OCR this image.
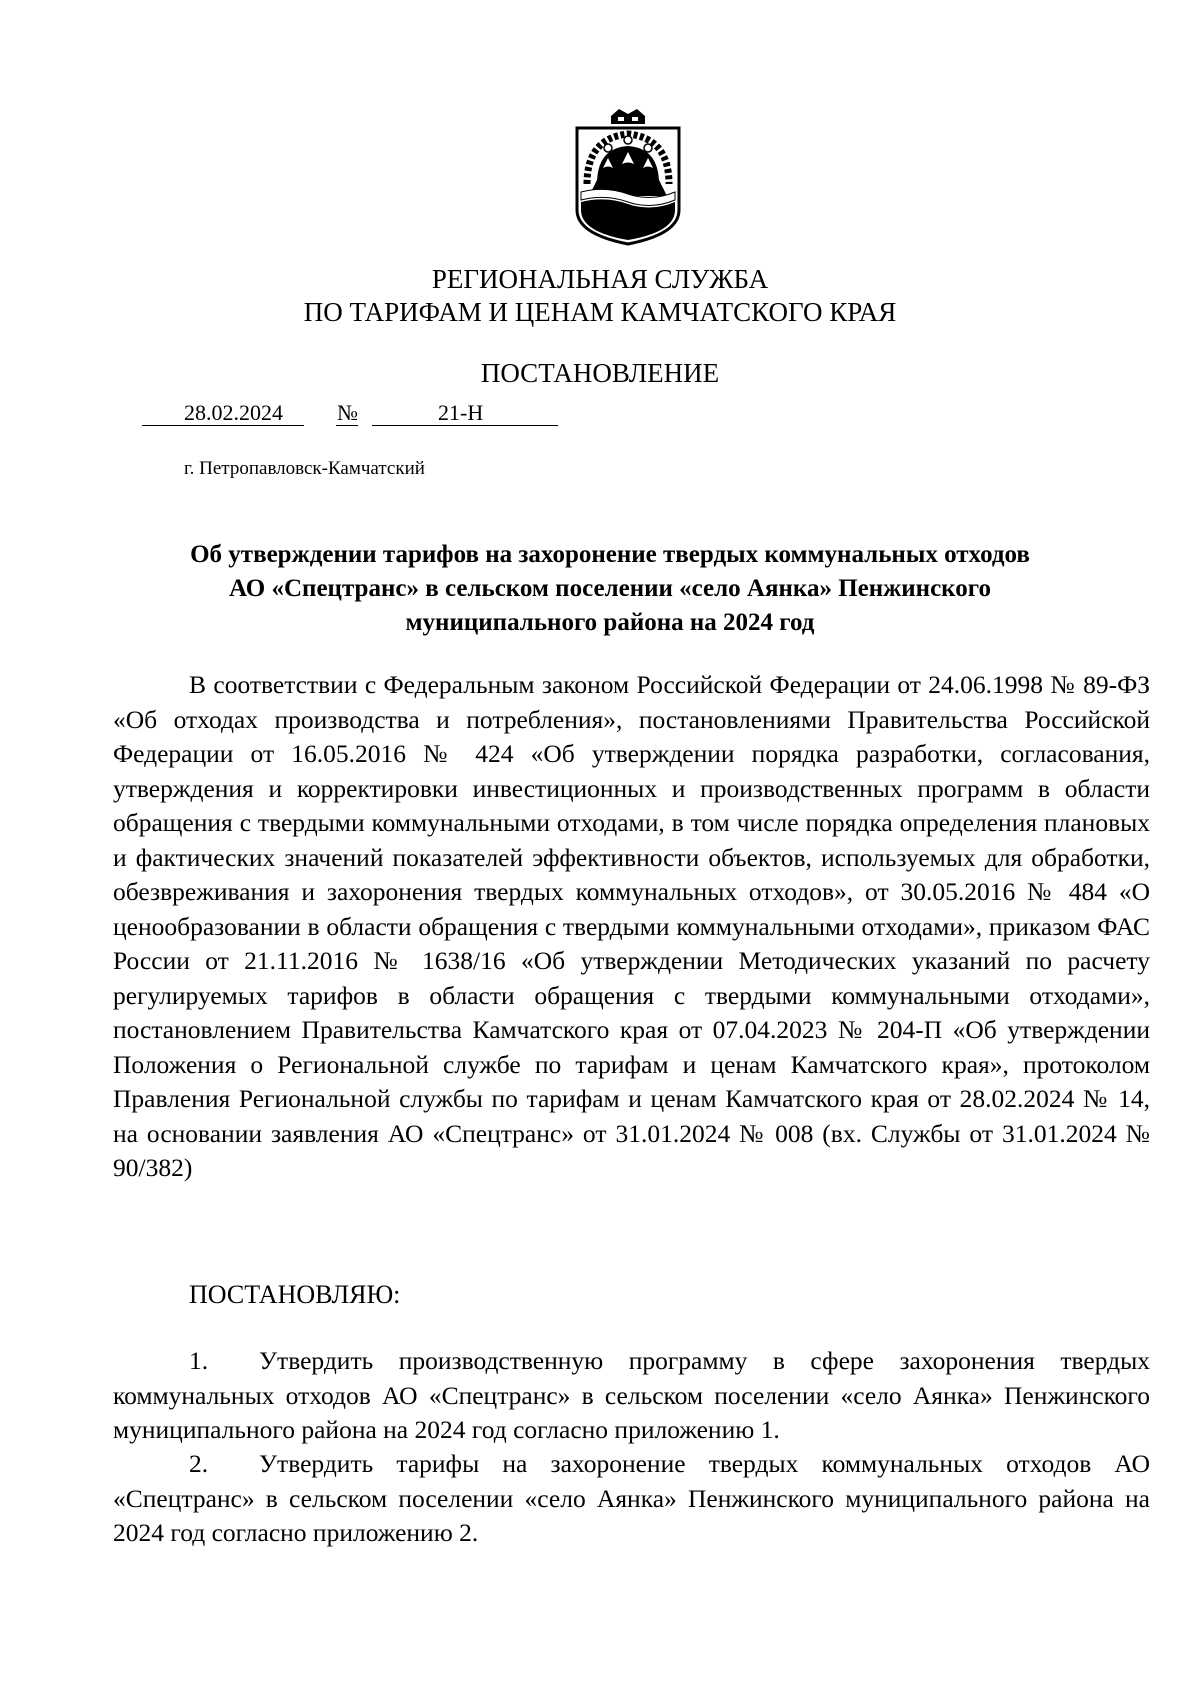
РЕГИОНАЛЬНАЯ СЛУЖБА
ПО ТАРИФАМ И ЦЕНАМ КАМЧАТСКОГО КРАЯ
ПОСТАНОВЛЕНИЕ
28.02.2024 №	21-Н
г. Петропавловск-Камчатский
Об утверждении тарифов на захоронение твердых коммунальных отходов
АО «Спецтранс» в сельском поселении «село Аянка» Пенжинского
муниципального района на 2024 год
В соответствии с Федеральным законом Российской Федерации от 24.06.1998 № 89-ФЗ «Об отходах производства и потребления», постановлениями Правительства Российской Федерации от 16.05.2016 № 424 «Об утверждении порядка разработки, согласования, утверждения и корректировки инвестиционных и производственных программ в области обращения с твердыми коммунальными отходами, в том числе порядка определения плановых и фактических значений показателей эффективности объектов, используемых для обработки, обезвреживания и захоронения твердых коммунальных отходов», от 30.05.2016 № 484 «О ценообразовании в области обращения с твердыми коммунальными отходами», приказом ФАС России от 21.11.2016 № 1638/16 «Об утверждении Методических указаний по расчету регулируемых тарифов в области обращения с твердыми коммунальными отходами», постановлением Правительства Камчатского края от 07.04.2023 № 204-П «Об утверждении Положения о Региональной службе по тарифам и ценам Камчатского края», протоколом Правления Региональной службы по тарифам и ценам Камчатского края от 28.02.2024 № 14, на основании заявления АО «Спецтранс» от 31.01.2024 № 008 (вх. Службы от 31.01.2024 № 90/382)
ПОСТАНОВЛЯЮ:
1. Утвердить производственную программу в сфере захоронения твердых коммунальных отходов АО «Спецтранс» в сельском поселении «село Аянка» Пенжинского муниципального района на 2024 год согласно приложению 1.
2. Утвердить тарифы на захоронение твердых коммунальных отходов АО «Спецтранс» в сельском поселении «село Аянка» Пенжинского муниципального района на 2024 год согласно приложению 2.
